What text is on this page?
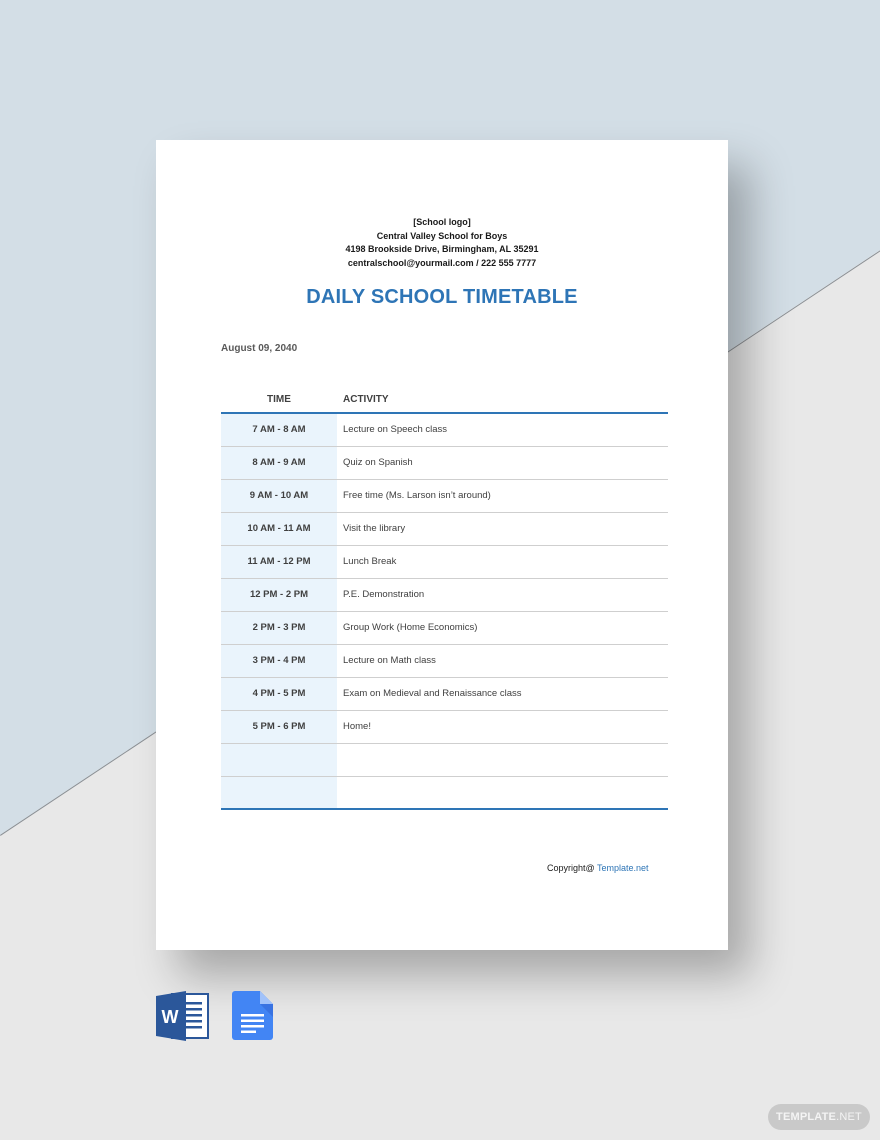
[School logo]
Central Valley School for Boys
4198 Brookside Drive, Birmingham, AL 35291
centralschool@yourmail.com / 222 555 7777
DAILY SCHOOL TIMETABLE
August 09, 2040
TIME	ACTIVITY
7 AM - 8 AM	Lecture on Speech class
8 AM - 9 AM	Quiz on Spanish
9 AM - 10 AM	Free time (Ms. Larson isn’t around)
10 AM - 11 AM	Visit the library
11 AM - 12 PM	Lunch Break
12 PM - 2 PM	P.E. Demonstration
2 PM - 3 PM	Group Work (Home Economics)
3 PM - 4 PM	Lecture on Math class
4 PM - 5 PM	Exam on Medieval and Renaissance class
5 PM - 6 PM	Home!
Copyright@ Template.net
W
TEMPLATE.NET
